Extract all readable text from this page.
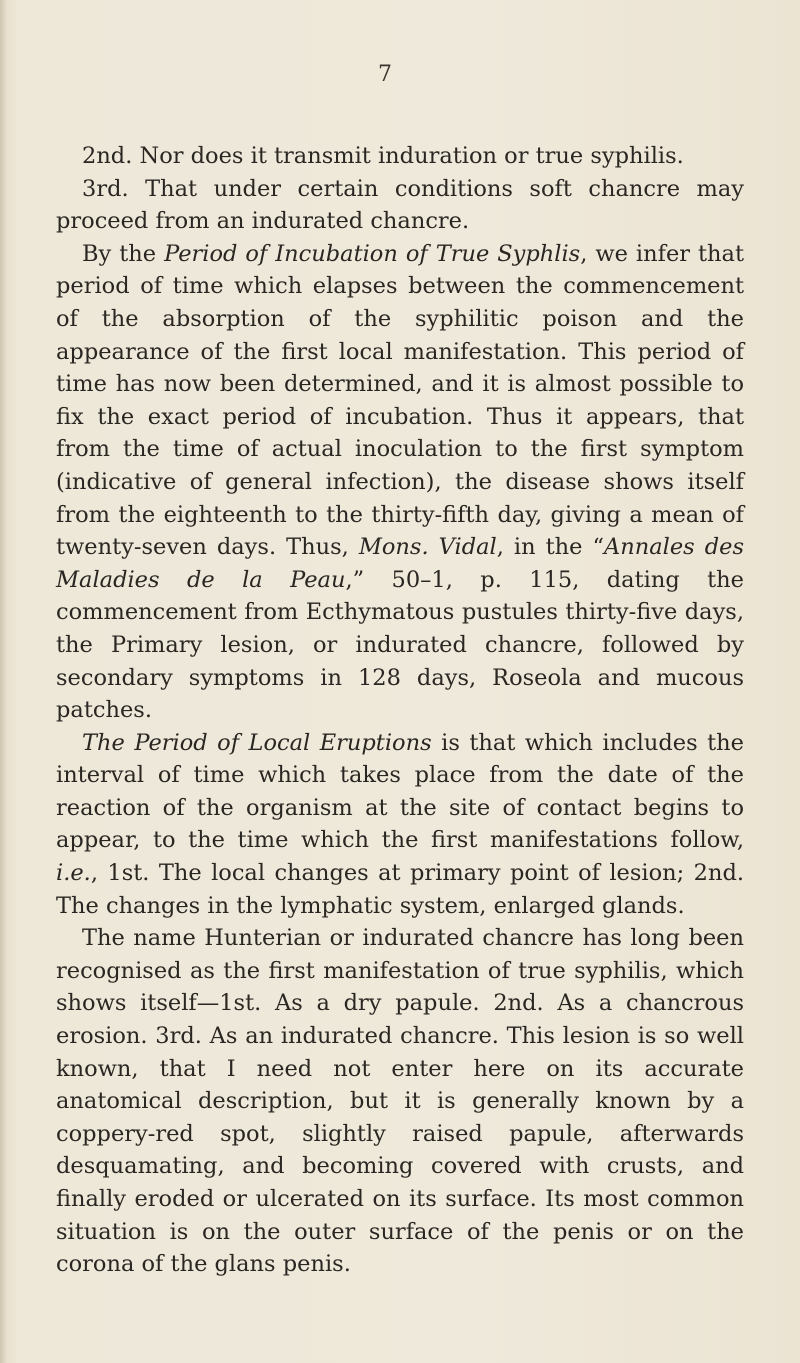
7

2nd. Nor does it transmit induration or true syphilis.

3rd. That under certain conditions soft chancre may proceed from an indurated chancre.

By the Period of Incubation of True Syphlis, we infer that period of time which elapses between the commencement of the absorption of the syphilitic poison and the appearance of the first local manifestation. This period of time has now been determined, and it is almost possible to fix the exact period of incubation. Thus it appears, that from the time of actual inoculation to the first symptom (indicative of general infection), the disease shows itself from the eighteenth to the thirty-fifth day, giving a mean of twenty-seven days. Thus, Mons. Vidal, in the “Annales des Maladies de la Peau,” 50–1, p. 115, dating the commencement from Ecthymatous pustules thirty-five days, the Primary lesion, or indurated chancre, followed by secondary symptoms in 128 days, Roseola and mucous patches.

The Period of Local Eruptions is that which includes the interval of time which takes place from the date of the reaction of the organism at the site of contact begins to appear, to the time which the first manifestations follow, i.e., 1st. The local changes at primary point of lesion; 2nd. The changes in the lymphatic system, enlarged glands.

The name Hunterian or indurated chancre has long been recognised as the first manifestation of true syphilis, which shows itself—1st. As a dry papule. 2nd. As a chancrous erosion. 3rd. As an indurated chancre. This lesion is so well known, that I need not enter here on its accurate anatomical description, but it is generally known by a coppery-red spot, slightly raised papule, afterwards desquamating, and becoming covered with crusts, and finally eroded or ulcerated on its surface. Its most common situation is on the outer surface of the penis or on the corona of the glans penis.
